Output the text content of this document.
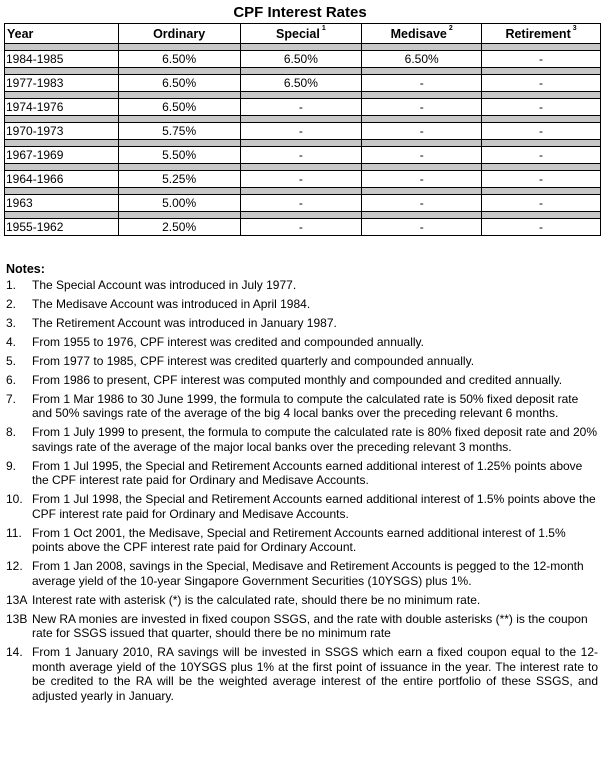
CPF Interest Rates
Year	Ordinary	Special $^1$	Medisave $^2$	Retirement $^3$

1984-1985	6.50%	6.50%	6.50%	-

1977-1983	6.50%	6.50%	-	-

1974-1976	6.50%	-	-	-

1970-1973	5.75%	-	-	-

1967-1969	5.50%	-	-	-

1964-1966	5.25%	-	-	-

1963	5.00%	-	-	-

1955-1962	2.50%	-	-	-
Notes:
1.	The Special Account was introduced in July 1977.
2.	The Medisave Account was introduced in April 1984.
3.	The Retirement Account was introduced in January 1987.
4.	From 1955 to 1976, CPF interest was credited and compounded annually.
5.	From 1977 to 1985, CPF interest was credited quarterly and compounded annually.
6.	From 1986 to present, CPF interest was computed monthly and compounded and credited annually.
7.	From 1 Mar 1986 to 30 June 1999, the formula to compute the calculated rate is 50% fixed deposit rate and 50% savings rate of the average of the big 4 local banks over the preceding relevant 6 months.
8.	From 1 July 1999 to present, the formula to compute the calculated rate is 80% fixed deposit rate and 20% savings rate of the average of the major local banks over the preceding relevant 3 months.
9.	From 1 Jul 1995, the Special and Retirement Accounts earned additional interest of 1.25% points above the CPF interest rate paid for Ordinary and Medisave Accounts.
10. From 1 Jul 1998, the Special and Retirement Accounts earned additional interest of 1.5% points above the CPF interest rate paid for Ordinary and Medisave Accounts.
11. From 1 Oct 2001, the Medisave, Special and Retirement Accounts earned additional interest of 1.5% points above the CPF interest rate paid for Ordinary Account.
12. From 1 Jan 2008, savings in the Special, Medisave and Retirement Accounts is pegged to the 12-month average yield of the 10-year Singapore Government Securities (10YSGS) plus 1%.
13A Interest rate with asterisk (*) is the calculated rate, should there be no minimum rate.
13B New RA monies are invested in fixed coupon SSGS, and the rate with double asterisks (**) is the coupon rate for SSGS issued that quarter, should there be no minimum rate
14. From 1 January 2010, RA savings will be invested in SSGS which earn a fixed coupon equal to the 12-month average yield of the 10YSGS plus 1% at the first point of issuance in the year. The interest rate to be credited to the RA will be the weighted average interest of the entire portfolio of these SSGS, and adjusted yearly in January.
